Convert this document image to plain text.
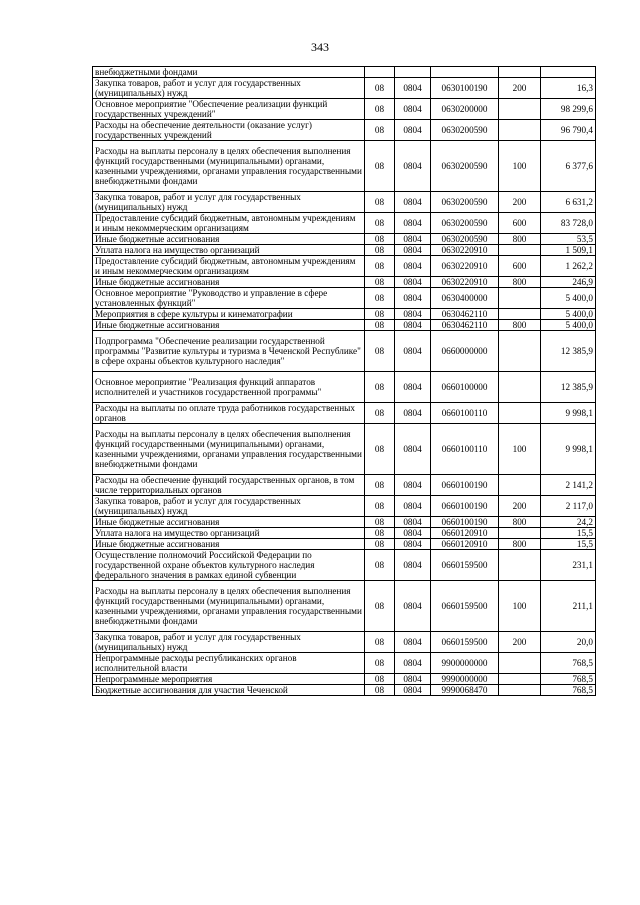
343
внебюджетными фондами					
Закупка товаров, работ и услуг для государственных (муниципальных) нужд	08	0804	0630100190	200	16,3
Основное мероприятие "Обеспечение реализации функций государственных учреждений"	08	0804	0630200000		98 299,6
Расходы на обеспечение деятельности (оказание услуг) государственных учреждений	08	0804	0630200590		96 790,4
Расходы на выплаты персоналу в целях обеспечения выполнения функций государственными (муниципальными) органами, казенными учреждениями, органами управления государственными внебюджетными фондами	08	0804	0630200590	100	6 377,6
Закупка товаров, работ и услуг для государственных (муниципальных) нужд	08	0804	0630200590	200	6 631,2
Предоставление субсидий бюджетным, автономным учреждениям и иным некоммерческим организациям	08	0804	0630200590	600	83 728,0
Иные бюджетные ассигнования	08	0804	0630200590	800	53,5
Уплата налога на имущество организаций	08	0804	0630220910		1 509,1
Предоставление субсидий бюджетным, автономным учреждениям и иным некоммерческим организациям	08	0804	0630220910	600	1 262,2
Иные бюджетные ассигнования	08	0804	0630220910	800	246,9
Основное мероприятие "Руководство и управление в сфере установленных функций"	08	0804	0630400000		5 400,0
Мероприятия в сфере культуры и кинематографии	08	0804	0630462110		5 400,0
Иные бюджетные ассигнования	08	0804	0630462110	800	5 400,0
Подпрограмма "Обеспечение реализации государственной программы "Развитие культуры и туризма в Чеченской Республике" в сфере охраны объектов культурного наследия"	08	0804	0660000000		12 385,9
Основное мероприятие "Реализация функций аппаратов исполнителей и участников государственной программы"	08	0804	0660100000		12 385,9
Расходы на выплаты по оплате труда работников государственных органов	08	0804	0660100110		9 998,1
Расходы на выплаты персоналу в целях обеспечения выполнения функций государственными (муниципальными) органами, казенными учреждениями, органами управления государственными внебюджетными фондами	08	0804	0660100110	100	9 998,1
Расходы на обеспечение функций государственных органов, в том числе территориальных органов	08	0804	0660100190		2 141,2
Закупка товаров, работ и услуг для государственных (муниципальных) нужд	08	0804	0660100190	200	2 117,0
Иные бюджетные ассигнования	08	0804	0660100190	800	24,2
Уплата налога на имущество организаций	08	0804	0660120910		15,5
Иные бюджетные ассигнования	08	0804	0660120910	800	15,5
Осуществление полномочий Российской Федерации по государственной охране объектов культурного наследия федерального значения в рамках единой субвенции	08	0804	0660159500		231,1
Расходы на выплаты персоналу в целях обеспечения выполнения функций государственными (муниципальными) органами, казенными учреждениями, органами управления государственными внебюджетными фондами	08	0804	0660159500	100	211,1
Закупка товаров, работ и услуг для государственных (муниципальных) нужд	08	0804	0660159500	200	20,0
Непрограммные расходы республиканских органов исполнительной власти	08	0804	9900000000		768,5
Непрограммные мероприятия	08	0804	9990000000		768,5
Бюджетные ассигнования для участия Чеченской	08	0804	9990068470		768,5
